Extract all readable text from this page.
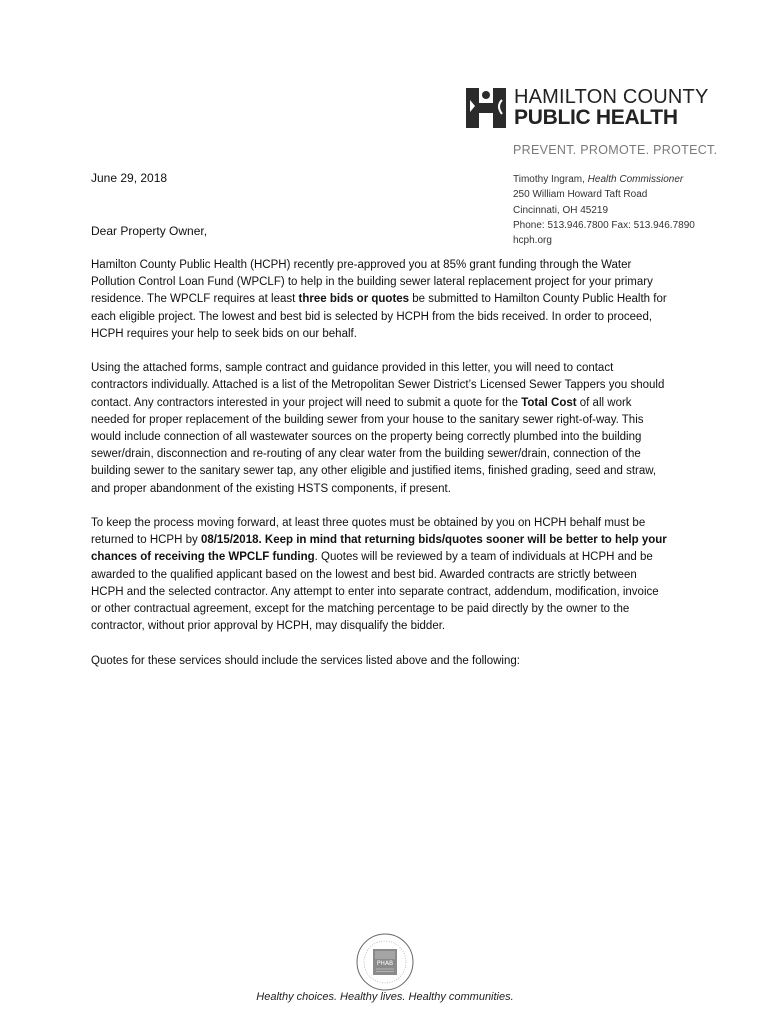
HAMILTON COUNTY
PUBLIC HEALTH
PREVENT. PROMOTE. PROTECT.
June 29, 2018	Timothy Ingram, Health Commissioner
250 William Howard Taft Road
Cincinnati, OH 45219
Phone: 513.946.7800 Fax: 513.946.7890
hcph.org
Dear Property Owner,

Hamilton County Public Health (HCPH) recently pre-approved you at 85% grant funding through the Water Pollution Control Loan Fund (WPCLF) to help in the building sewer lateral replacement project for your primary residence. The WPCLF requires at least three bids or quotes be submitted to Hamilton County Public Health for each eligible project. The lowest and best bid is selected by HCPH from the bids received. In order to proceed, HCPH requires your help to seek bids on our behalf.

Using the attached forms, sample contract and guidance provided in this letter, you will need to contact contractors individually. Attached is a list of the Metropolitan Sewer District’s Licensed Sewer Tappers you should contact. Any contractors interested in your project will need to submit a quote for the Total Cost of all work needed for proper replacement of the building sewer from your house to the sanitary sewer right-of-way. This would include connection of all wastewater sources on the property being correctly plumbed into the building sewer/drain, disconnection and re-routing of any clear water from the building sewer/drain, connection of the building sewer to the sanitary sewer tap, any other eligible and justified items, finished grading, seed and straw, and proper abandonment of the existing HSTS components, if present.

To keep the process moving forward, at least three quotes must be obtained by you on HCPH behalf must be returned to HCPH by 08/15/2018. Keep in mind that returning bids/quotes sooner will be better to help your chances of receiving the WPCLF funding. Quotes will be reviewed by a team of individuals at HCPH and be awarded to the qualified applicant based on the lowest and best bid. Awarded contracts are strictly between HCPH and the selected contractor. Any attempt to enter into separate contract, addendum, modification, invoice or other contractual agreement, except for the matching percentage to be paid directly by the owner to the contractor, without prior approval by HCPH, may disqualify the bidder.

Quotes for these services should include the services listed above and the following:

PHAB
Healthy choices. Healthy lives. Healthy communities.
